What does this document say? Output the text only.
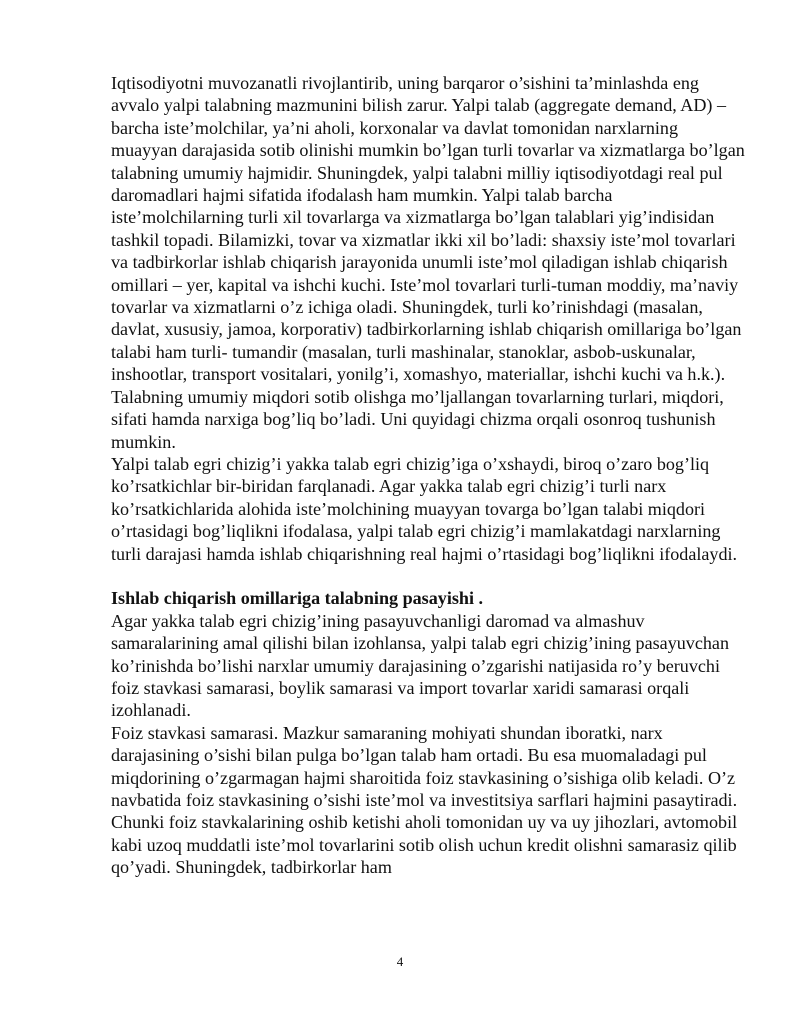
Iqtisodiyotni muvozanatli rivojlantirib, uning barqaror o’sishini ta’minlashda eng avvalo yalpi talabning mazmunini bilish zarur. Yalpi talab (aggregate demand, AD) – barcha iste’molchilar, ya’ni aholi, korxonalar va davlat tomonidan narxlarning muayyan darajasida sotib olinishi mumkin bo’lgan turli tovarlar va xizmatlarga bo’lgan talabning umumiy hajmidir. Shuningdek, yalpi talabni milliy iqtisodiyotdagi real pul daromadlari hajmi sifatida ifodalash ham mumkin. Yalpi talab barcha iste’molchilarning turli xil tovarlarga va xizmatlarga bo’lgan talablari yig’indisidan tashkil topadi. Bilamizki, tovar va xizmatlar ikki xil bo’ladi: shaxsiy iste’mol tovarlari va tadbirkorlar ishlab chiqarish jarayonida unumli iste’mol qiladigan ishlab chiqarish omillari – yer, kapital va ishchi kuchi. Iste’mol tovarlari turli-tuman moddiy, ma’naviy tovarlar va xizmatlarni o’z ichiga oladi. Shuningdek, turli ko’rinishdagi (masalan, davlat, xususiy, jamoa, korporativ) tadbirkorlarning ishlab chiqarish omillariga bo’lgan talabi ham turli- tumandir (masalan, turli mashinalar, stanoklar, asbob-uskunalar, inshootlar, transport vositalari, yonilg’i, xomashyo, materiallar, ishchi kuchi va h.k.). Talabning umumiy miqdori sotib olishga mo’ljallangan tovarlarning turlari, miqdori, sifati hamda narxiga bog’liq bo’ladi. Uni quyidagi chizma orqali osonroq tushunish mumkin.

Yalpi talab egri chizig’i yakka talab egri chizig’iga o’xshaydi, biroq o’zaro bog’liq ko’rsatkichlar bir-biridan farqlanadi. Agar yakka talab egri chizig’i turli narx ko’rsatkichlarida alohida iste’molchining muayyan tovarga bo’lgan talabi miqdori o’rtasidagi bog’liqlikni ifodalasa, yalpi talab egri chizig’i mamlakatdagi narxlarning turli darajasi hamda ishlab chiqarishning real hajmi o’rtasidagi bog’liqlikni ifodalaydi.

Ishlab chiqarish omillariga talabning pasayishi .

Agar yakka talab egri chizig’ining pasayuvchanligi daromad va almashuv samaralarining amal qilishi bilan izohlansa, yalpi talab egri chizig’ining pasayuvchan ko’rinishda bo’lishi narxlar umumiy darajasining o’zgarishi natijasida ro’y beruvchi foiz stavkasi samarasi, boylik samarasi va import tovarlar xaridi samarasi orqali izohlanadi.

Foiz stavkasi samarasi. Mazkur samaraning mohiyati shundan iboratki, narx darajasining o’sishi bilan pulga bo’lgan talab ham ortadi. Bu esa muomaladagi pul miqdorining o’zgarmagan hajmi sharoitida foiz stavkasining o’sishiga olib keladi. O’z navbatida foiz stavkasining o’sishi iste’mol va investitsiya sarflari hajmini pasaytiradi. Chunki foiz stavkalarining oshib ketishi aholi tomonidan uy va uy jihozlari, avtomobil kabi uzoq muddatli iste’mol tovarlarini sotib olish uchun kredit olishni samarasiz qilib qo’yadi. Shuningdek, tadbirkorlar ham

4
